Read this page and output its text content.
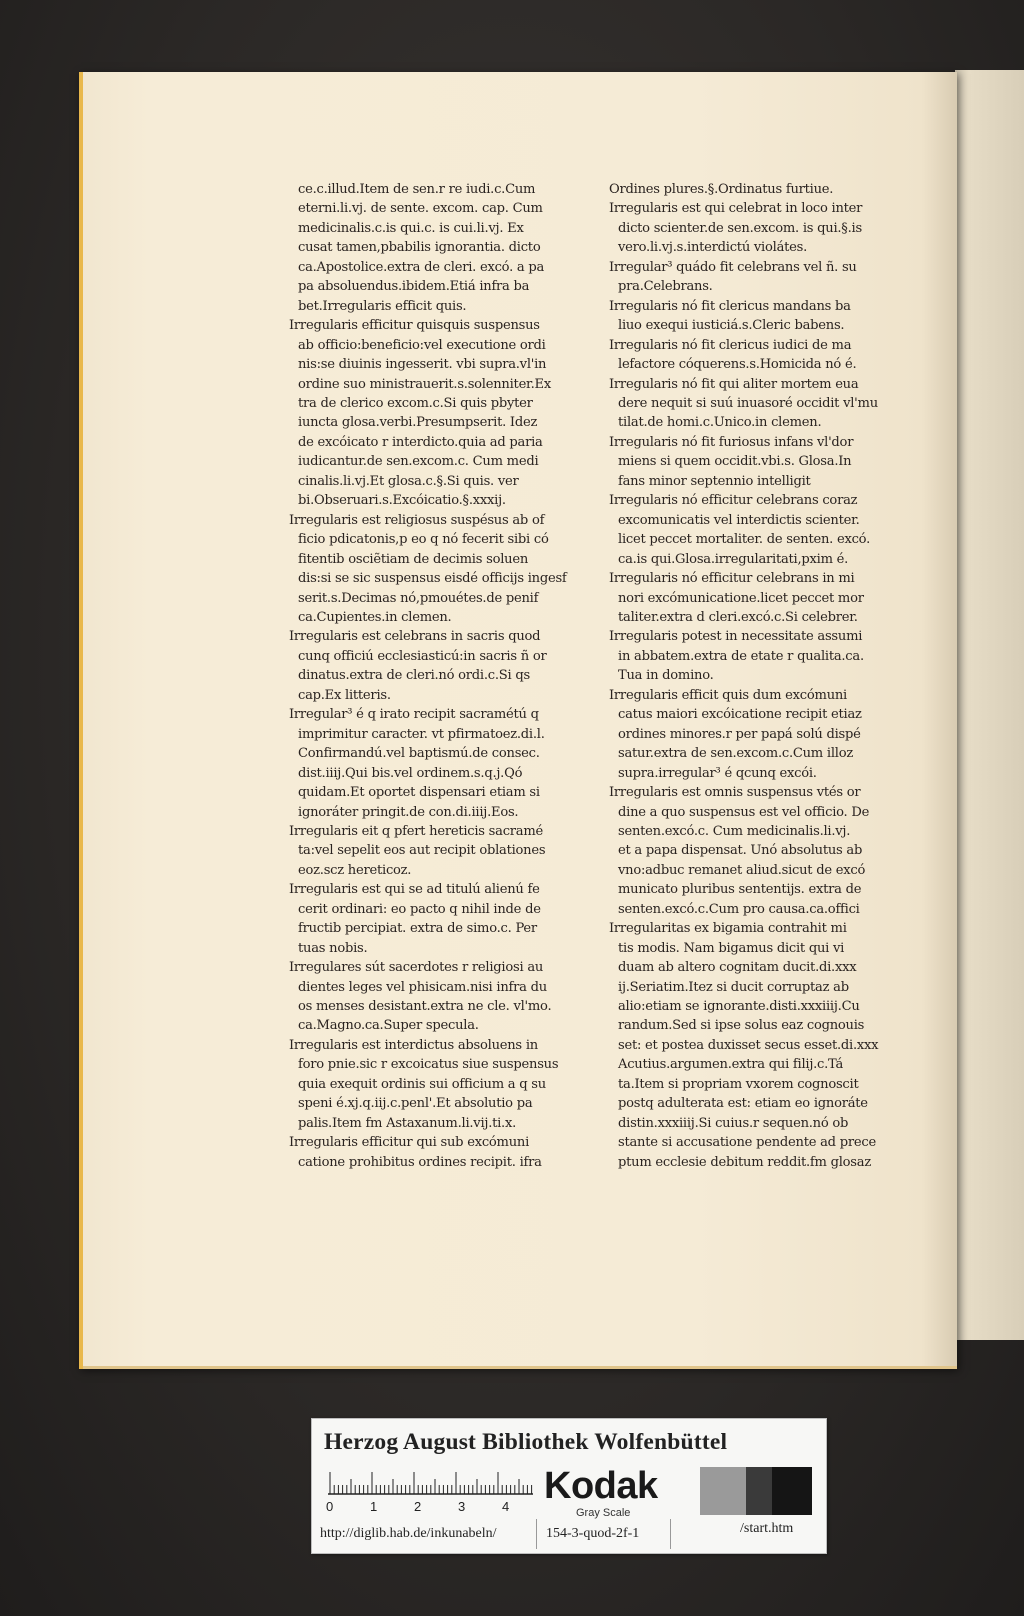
ce.c.illud.Item de sen.r re iudi.c.Cum
eterni.li.vj. de sente. excom. cap. Cum
medicinalis.c.is qui.c. is cui.li.vj. Ex
cusat tamen,pbabilis ignorantia. dicto
ca.Apostolice.extra de cleri. excó. a pa
pa absoluendus.ibidem.Etiá infra ba
bet.Irregularis efficit quis.
Irregularis efficitur quisquis suspensus
ab officio:beneficio:vel executione ordi
nis:se diuinis ingesserit. vbi supra.vl'in
ordine suo ministrauerit.s.solenniter.Ex
tra de clerico excom.c.Si quis pbyter
iuncta glosa.verbi.Presumpserit. Idez
de excóicato r interdicto.quia ad paria
iudicantur.de sen.excom.c. Cum medi
cinalis.li.vj.Et glosa.c.§.Si quis. ver
bi.Obseruari.s.Excóicatio.§.xxxij.
Irregularis est religiosus suspésus ab of
ficio pdicatonis,p eo q nó fecerit sibi có
fitentib osciẽtiam de decimis soluen
dis:si se sic suspensus eisdé officijs ingesf
serit.s.Decimas nó,pmouétes.de penif
ca.Cupientes.in clemen.
Irregularis est celebrans in sacris quod
cunq officiú ecclesiasticú:in sacris ñ or
dinatus.extra de cleri.nó ordi.c.Si qs
cap.Ex litteris.
Irregular³ é q irato recipit sacramétú q
imprimitur caracter. vt pfirmatoez.di.l.
Confirmandú.vel baptismú.de consec.
dist.iiij.Qui bis.vel ordinem.s.q.j.Qó
quidam.Et oportet dispensari etiam si
ignoráter pringit.de con.di.iiij.Eos.
Irregularis eit q pfert hereticis sacramé
ta:vel sepelit eos aut recipit oblationes
eoz.scz hereticoz.
Irregularis est qui se ad titulú alienú fe
cerit ordinari: eo pacto q nihil inde de
fructib percipiat. extra de simo.c. Per
tuas nobis.
Irregulares sút sacerdotes r religiosi au
dientes leges vel phisicam.nisi infra du
os menses desistant.extra ne cle. vl'mo.
ca.Magno.ca.Super specula.
Irregularis est interdictus absoluens in
foro pnie.sic r excoicatus siue suspensus
quia exequit ordinis sui officium a q su
speni é.xj.q.iij.c.penl'.Et absolutio pa
palis.Item fm Astaxanum.li.vij.ti.x.
Irregularis efficitur qui sub excómuni
catione prohibitus ordines recipit. ifra
Ordines plures.§.Ordinatus furtiue.
Irregularis est qui celebrat in loco inter
dicto scienter.de sen.excom. is qui.§.is
vero.li.vj.s.interdictú violátes.
Irregular³ quádo fit celebrans vel ñ. su
pra.Celebrans.
Irregularis nó fit clericus mandans ba
liuo exequi iusticiá.s.Cleric babens.
Irregularis nó fit clericus iudici de ma
lefactore cóquerens.s.Homicida nó é.
Irregularis nó fit qui aliter mortem eua
dere nequit si suú inuasoré occidit vl'mu
tilat.de homi.c.Unico.in clemen.
Irregularis nó fit furiosus infans vl'dor
miens si quem occidit.vbi.s. Glosa.In
fans minor septennio intelligit
Irregularis nó efficitur celebrans coraz
excomunicatis vel interdictis scienter.
licet peccet mortaliter. de senten. excó.
ca.is qui.Glosa.irregularitati,pxim é.
Irregularis nó efficitur celebrans in mi
nori excómunicatione.licet peccet mor
taliter.extra d cleri.excó.c.Si celebrer.
Irregularis potest in necessitate assumi
in abbatem.extra de etate r qualita.ca.
Tua in domino.
Irregularis efficit quis dum excómuni
catus maiori excóicatione recipit etiaz
ordines minores.r per papá solú dispé
satur.extra de sen.excom.c.Cum illoz
supra.irregular³ é qcunq excói.
Irregularis est omnis suspensus vtés or
dine a quo suspensus est vel officio. De
senten.excó.c. Cum medicinalis.li.vj.
et a papa dispensat. Unó absolutus ab
vno:adbuc remanet aliud.sicut de excó
municato pluribus sententijs. extra de
senten.excó.c.Cum pro causa.ca.offici
Irregularitas ex bigamia contrahit mi
tis modis. Nam bigamus dicit qui vi
duam ab altero cognitam ducit.di.xxx
ij.Seriatim.Itez si ducit corruptaz ab
alio:etiam se ignorante.disti.xxxiiij.Cu
randum.Sed si ipse solus eaz cognouis
set: et postea duxisset secus esset.di.xxx
Acutius.argumen.extra qui filij.c.Tá
ta.Item si propriam vxorem cognoscit
postq adulterata est: etiam eo ignoráte
distin.xxxiiij.Si cuius.r sequen.nó ob
stante si accusatione pendente ad prece
ptum ecclesie debitum reddit.fm glosaz
Herzog August Bibliothek Wolfenbüttel
0	1	2	3	4 Kodak
Gray Scale
http://diglib.hab.de/inkunabeln/	154-3-quod-2f-1	/start.htm
